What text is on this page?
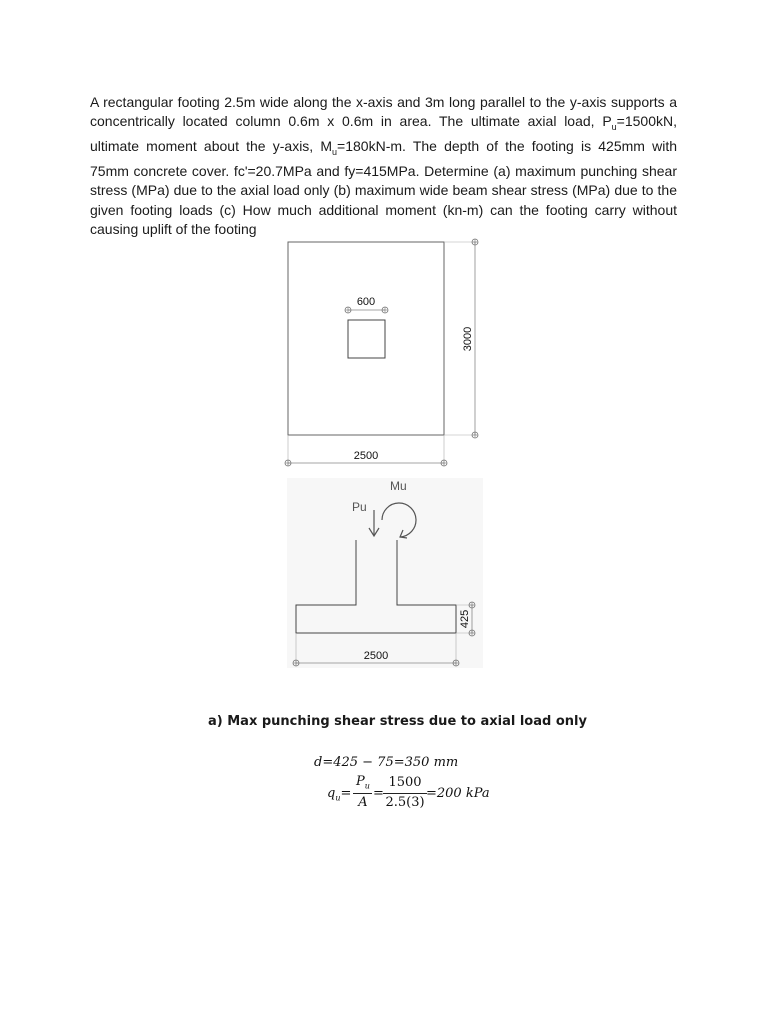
A rectangular footing 2.5m wide along the x-axis and 3m long parallel to the y-axis supports a concentrically located column 0.6m x 0.6m in area. The ultimate axial load, $P_u=1500kN$, ultimate moment about the y-axis, $M_u=180kN-m$. The depth of the footing is 425mm with 75mm concrete cover. fc'=20.7MPa and fy=415MPa. Determine (a) maximum punching shear stress (MPa) due to the axial load only (b) maximum wide beam shear stress (MPa) due to the given footing loads (c) How much additional moment (kn-m) can the footing carry without causing uplift of the footing
600
3000
2500
Mu
Pu
425
2500
a) Max punching shear stress due to axial load only
d=425 − 75=350 mm
$q_u=$
$P_u$
A
=
1500
2.5(3)
=200 kPa
